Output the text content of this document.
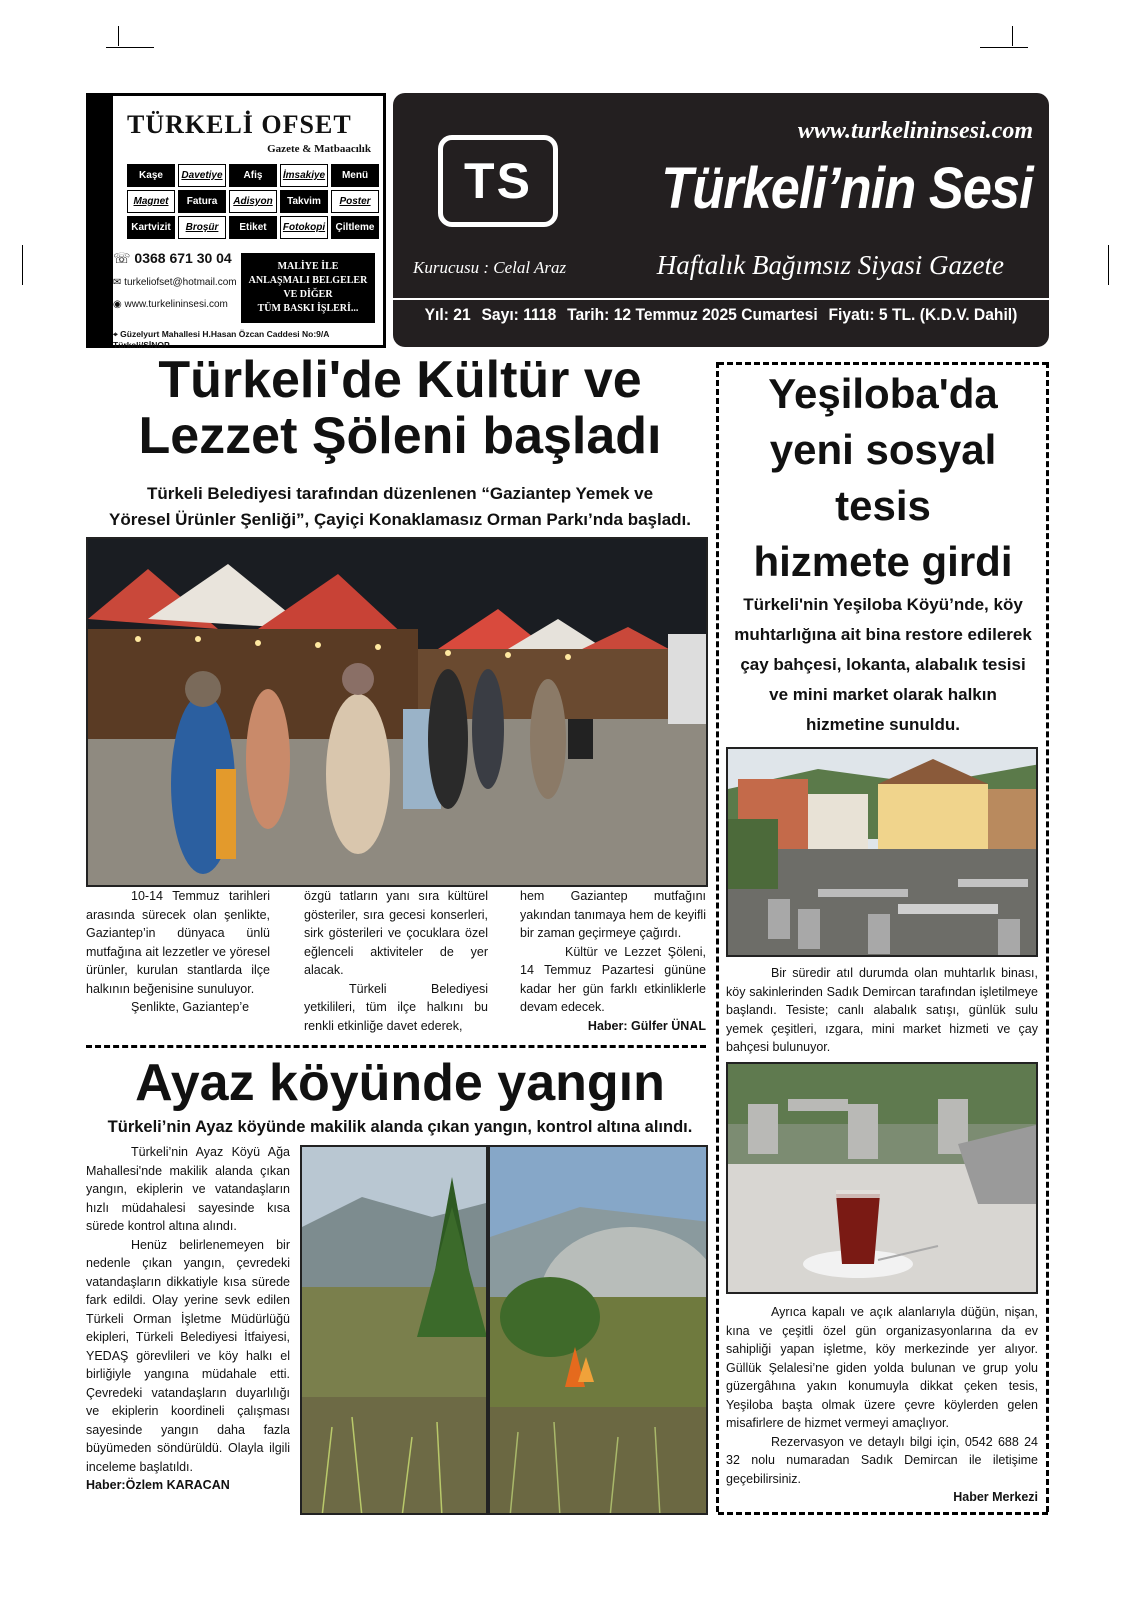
TÜRKELİ OFSET
Gazete & Matbaacılık
Kaşe	Davetiye	Afiş	İmsakiye	Menü
Magnet	Fatura	Adisyon	Takvim	Poster
Kartvizit	Broşür	Etiket	Fotokopi	Çiltleme
☏ 0368 671 30 04
✉ turkeliofset@hotmail.com
◉ www.turkelininsesi.com
MALİYE İLE
ANLAŞMALI BELGELER
VE DİĞER
TÜM BASKI İŞLERİ...
⌖ Güzelyurt Mahallesi H.Hasan Özcan Caddesi No:9/A Türkeli/SİNOP
TS
www.turkelininsesi.com
Türkeli’nin Sesi
Kurucusu : Celal Araz	Haftalık Bağımsız Siyasi Gazete
Yıl: 21 Sayı: 1118 Tarih: 12 Temmuz 2025 Cumartesi Fiyatı: 5 TL. (K.D.V. Dahil)
Türkeli'de Kültür ve
Lezzet Şöleni başladı
Türkeli Belediyesi tarafından düzenlenen “Gaziantep Yemek ve
Yöresel Ürünler Şenliği”, Çayiçi Konaklamasız Orman Parkı’nda başladı.

10-14 Temmuz tarihleri arasında sürecek olan şenlikte, Gaziantep’in dünyaca ünlü mutfağına ait lezzetler ve yöresel ürünler, kurulan stantlarda ilçe halkının beğenisine sunuluyor.

Şenlikte, Gaziantep’e

özgü tatların yanı sıra kültürel gösteriler, sıra gecesi konserleri, sirk gösterileri ve çocuklara özel eğlenceli aktiviteler de yer alacak.

Türkeli Belediyesi yetkilileri, tüm ilçe halkını bu renkli etkinliğe davet ederek,

hem Gaziantep mutfağını yakından tanımaya hem de keyifli bir zaman geçirmeye çağırdı.

Kültür ve Lezzet Şöleni, 14 Temmuz Pazartesi gününe kadar her gün farklı etkinliklerle devam edecek.

Haber: Gülfer ÜNAL
Ayaz köyünde yangın
Türkeli’nin Ayaz köyünde makilik alanda çıkan yangın, kontrol altına alındı.

Türkeli’nin Ayaz Köyü Ağa Mahallesi'nde makilik alanda çıkan yangın, ekiplerin ve vatandaşların hızlı müdahalesi sayesinde kısa sürede kontrol altına alındı.

Henüz belirlenemeyen bir nedenle çıkan yangın, çevredeki vatandaşların dikkatiyle kısa sürede fark edildi. Olay yerine sevk edilen Türkeli Orman İşletme Müdürlüğü ekipleri, Türkeli Belediyesi İtfaiyesi, YEDAŞ görevlileri ve köy halkı el birliğiyle yangına müdahale etti. Çevredeki vatandaşların duyarlılığı ve ekiplerin koordineli çalışması sayesinde yangın daha fazla büyümeden söndürüldü. Olayla ilgili inceleme başlatıldı.

Haber:Özlem KARACAN
Yeşiloba'da
yeni sosyal
tesis
hizmete girdi
Türkeli'nin Yeşiloba Köyü’nde, köy muhtarlığına ait bina restore edilerek çay bahçesi, lokanta, alabalık tesisi ve mini market olarak halkın hizmetine sunuldu.

Bir süredir atıl durumda olan muhtarlık binası, köy sakinlerinden Sadık Demircan tarafından işletilmeye başlandı. Tesiste; canlı alabalık satışı, günlük sulu yemek çeşitleri, ızgara, mini market hizmeti ve çay bahçesi bulunuyor.

Ayrıca kapalı ve açık alanlarıyla düğün, nişan, kına ve çeşitli özel gün organizasyonlarına da ev sahipliği yapan işletme, köy merkezinde yer alıyor. Güllük Şelalesi’ne giden yolda bulunan ve grup yolu güzergâhına yakın konumuyla dikkat çeken tesis, Yeşiloba başta olmak üzere çevre köylerden gelen misafirlere de hizmet vermeyi amaçlıyor.

Rezervasyon ve detaylı bilgi için, 0542 688 24 32 nolu numaradan Sadık Demircan ile iletişime geçebilirsiniz.

Haber Merkezi
